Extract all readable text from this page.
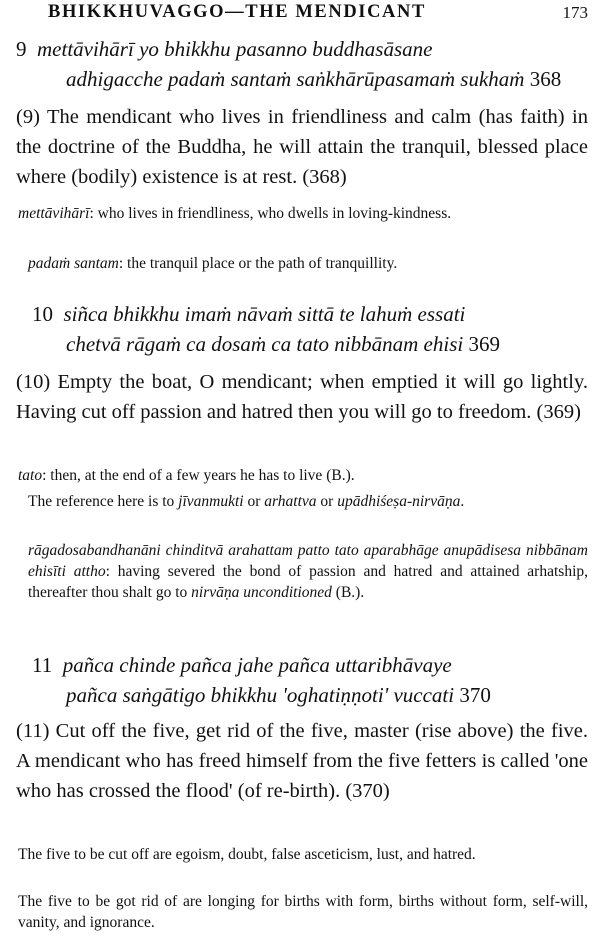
BHIKKHUVAGGO—THE MENDICANT	173
9 mettāvihārī yo bhikkhu pasanno buddhasāsane
adhigacche padaṁ santaṁ saṅkhārūpasamaṁ sukhaṁ 368
(9) The mendicant who lives in friendliness and calm (has faith) in the doctrine of the Buddha, he will attain the tranquil, blessed place where (bodily) existence is at rest. (368)
mettāvihārī: who lives in friendliness, who dwells in loving-kindness.
padaṁ santam: the tranquil place or the path of tranquillity.
10 siñca bhikkhu imaṁ nāvaṁ sittā te lahuṁ essati
chetvā rāgaṁ ca dosaṁ ca tato nibbānam ehisi 369
(10) Empty the boat, O mendicant; when emptied it will go lightly. Having cut off passion and hatred then you will go to freedom. (369)
tato: then, at the end of a few years he has to live (B.).
The reference here is to jīvanmukti or arhattva or upādhiśeṣa-nirvāṇa.
rāgadosabandhanāni chinditvā arahattam patto tato aparabhāge anupādisesa nibbānam ehisīti attho: having severed the bond of passion and hatred and attained arhatship, thereafter thou shalt go to nirvāṇa unconditioned (B.).
11 pañca chinde pañca jahe pañca uttaribhāvaye
pañca saṅgātigo bhikkhu 'oghatiṇṇoti' vuccati 370
(11) Cut off the five, get rid of the five, master (rise above) the five. A mendicant who has freed himself from the five fetters is called 'one who has crossed the flood' (of re-birth). (370)
The five to be cut off are egoism, doubt, false asceticism, lust, and hatred.
The five to be got rid of are longing for births with form, births without form, self-will, vanity, and ignorance.
